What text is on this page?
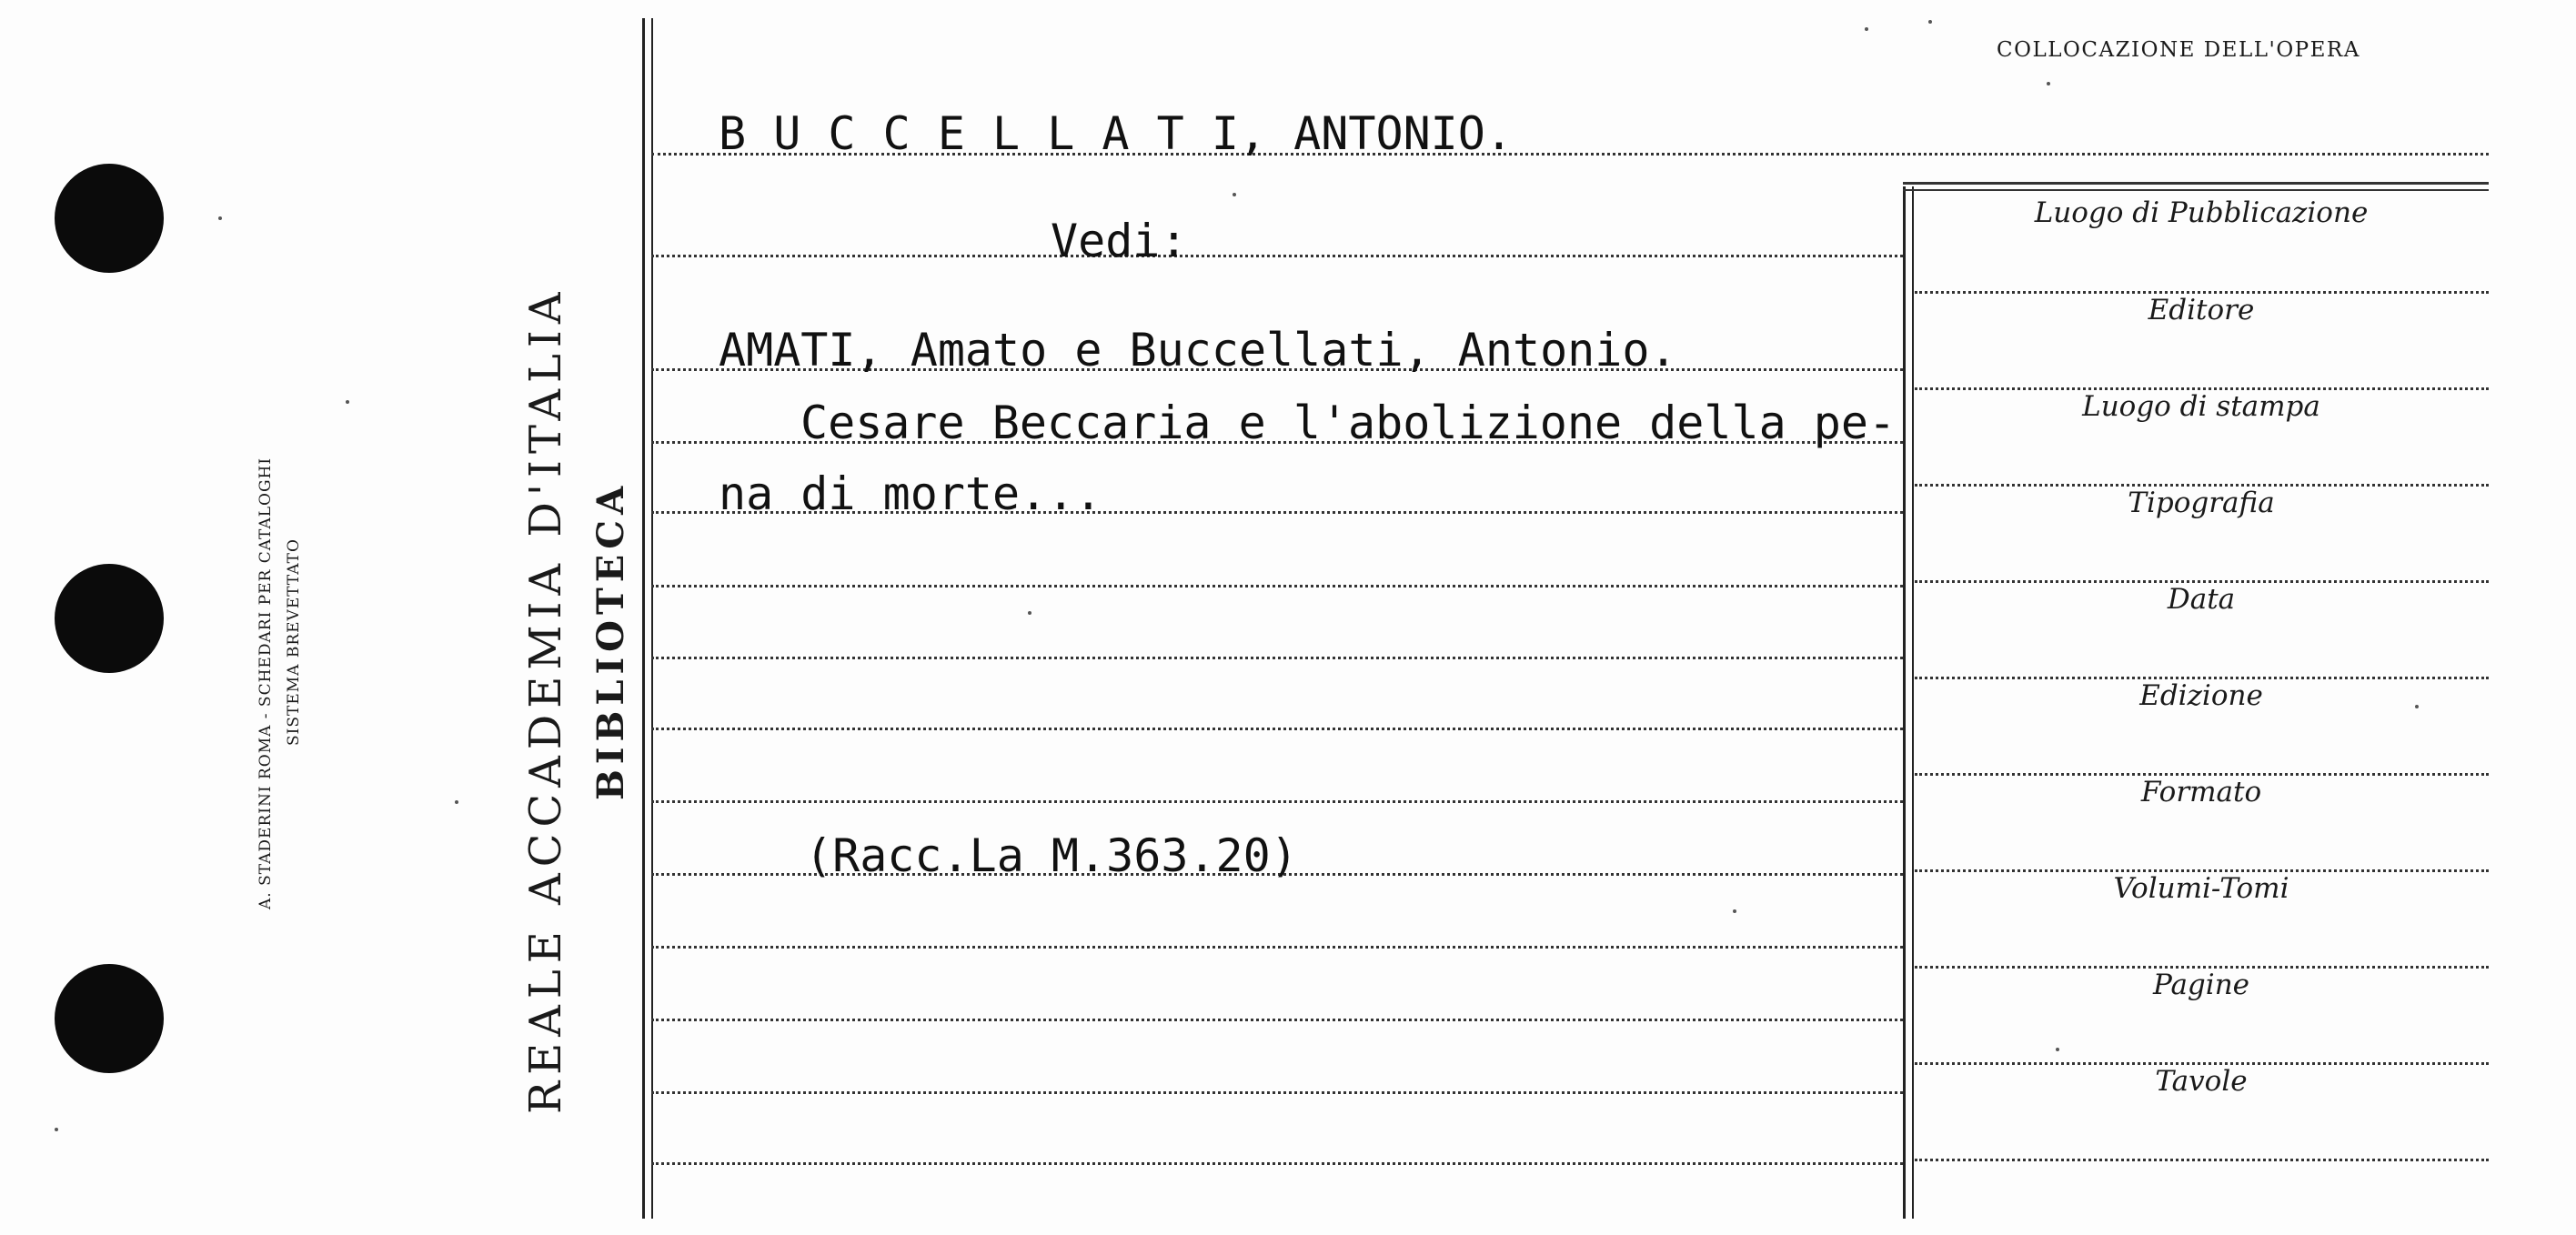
A. STADERINI ROMA - SCHEDARI PER CATALOGHI SISTEMA BREVETTATO	REALE ACCADEMIA D'ITALIA BIBLIOTECA
COLLOCAZIONE DELL'OPERA
B U C C E L L A T I, ANTONIO.
Vedi:
AMATI, Amato e Buccellati, Antonio.
Cesare Beccaria e l'abolizione della pe-
na di morte...
(Racc.La M.363.20)
Luogo di Pubblicazione
Editore
Luogo di stampa
Tipografia
Data
Edizione
Formato
Volumi-Tomi
Pagine
Tavole
